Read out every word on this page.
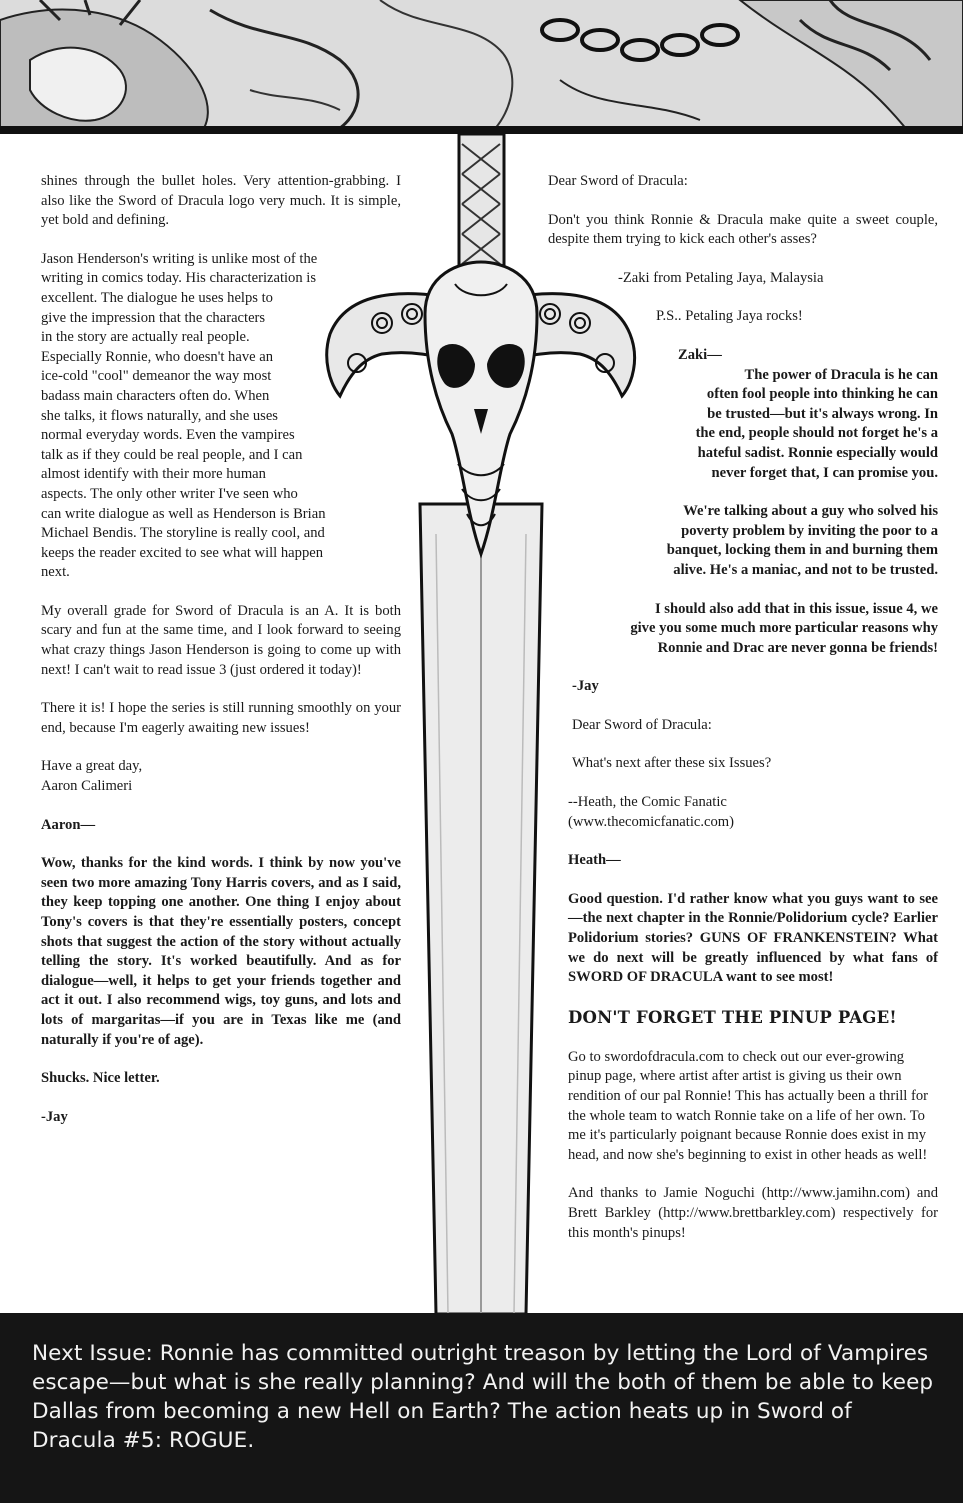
shines through the bullet holes. Very attention-grabbing. I also like the Sword of Dracula logo very much. It is simple, yet bold and defining.

Jason Henderson's writing is unlike most of the
writing in comics today. His characterization is
excellent. The dialogue he uses helps to
give the impression that the characters
in the story are actually real people.
Especially Ronnie, who doesn't have an
ice-cold "cool" demeanor the way most
badass main characters often do. When
she talks, it flows naturally, and she uses
normal everyday words. Even the vampires
talk as if they could be real people, and I can
almost identify with their more human
aspects. The only other writer I've seen who
can write dialogue as well as Henderson is Brian
Michael Bendis. The storyline is really cool, and
keeps the reader excited to see what will happen
next.

My overall grade for Sword of Dracula is an A. It is both scary and fun at the same time, and I look forward to seeing what crazy things Jason Henderson is going to come up with next! I can't wait to read issue 3 (just ordered it today)!

There it is! I hope the series is still running smoothly on your end, because I'm eagerly awaiting new issues!

Have a great day,
Aaron Calimeri

Aaron—

Wow, thanks for the kind words. I think by now you've seen two more amazing Tony Harris covers, and as I said, they keep topping one another. One thing I enjoy about Tony's covers is that they're essentially posters, concept shots that suggest the action of the story without actually telling the story. It's worked beautifully. And as for dialogue—well, it helps to get your friends together and act it out. I also recommend wigs, toy guns, and lots and lots of margaritas—if you are in Texas like me (and naturally if you're of age).

Shucks. Nice letter.

-Jay

Dear Sword of Dracula:

Don't you think Ronnie & Dracula make quite a sweet couple, despite them trying to kick each other's asses?

-Zaki from Petaling Jaya, Malaysia

P.S.. Petaling Jaya rocks!

Zaki—

The power of Dracula is he can
often fool people into thinking he can
be trusted—but it's always wrong. In
the end, people should not forget he's a
hateful sadist. Ronnie especially would
never forget that, I can promise you.

We're talking about a guy who solved his
poverty problem by inviting the poor to a
banquet, locking them in and burning them
alive. He's a maniac, and not to be trusted.

I should also add that in this issue, issue 4, we
give you some much more particular reasons why
Ronnie and Drac are never gonna be friends!

-Jay

Dear Sword of Dracula:

What's next after these six Issues?

--Heath, the Comic Fanatic
(www.thecomicfanatic.com)

Heath—

Good question. I'd rather know what you guys want to see—the next chapter in the Ronnie/Polidorium cycle? Earlier Polidorium stories? GUNS OF FRANKENSTEIN? What we do next will be greatly influenced by what fans of SWORD OF DRACULA want to see most!

DON'T FORGET THE PINUP PAGE!

Go to swordofdracula.com to check out our ever-growing pinup page, where artist after artist is giving us their own rendition of our pal Ronnie! This has actually been a thrill for the whole team to watch Ronnie take on a life of her own. To me it's particularly poignant because Ronnie does exist in my head, and now she's beginning to exist in other heads as well!

And thanks to Jamie Noguchi (http://www.jamihn.com) and Brett Barkley (http://www.brettbarkley.com) respectively for this month's pinups!

Next Issue: Ronnie has committed outright treason by letting the Lord of Vampires escape—but what is she really planning? And will the both of them be able to keep Dallas from becoming a new Hell on Earth? The action heats up in Sword of Dracula #5: ROGUE.
